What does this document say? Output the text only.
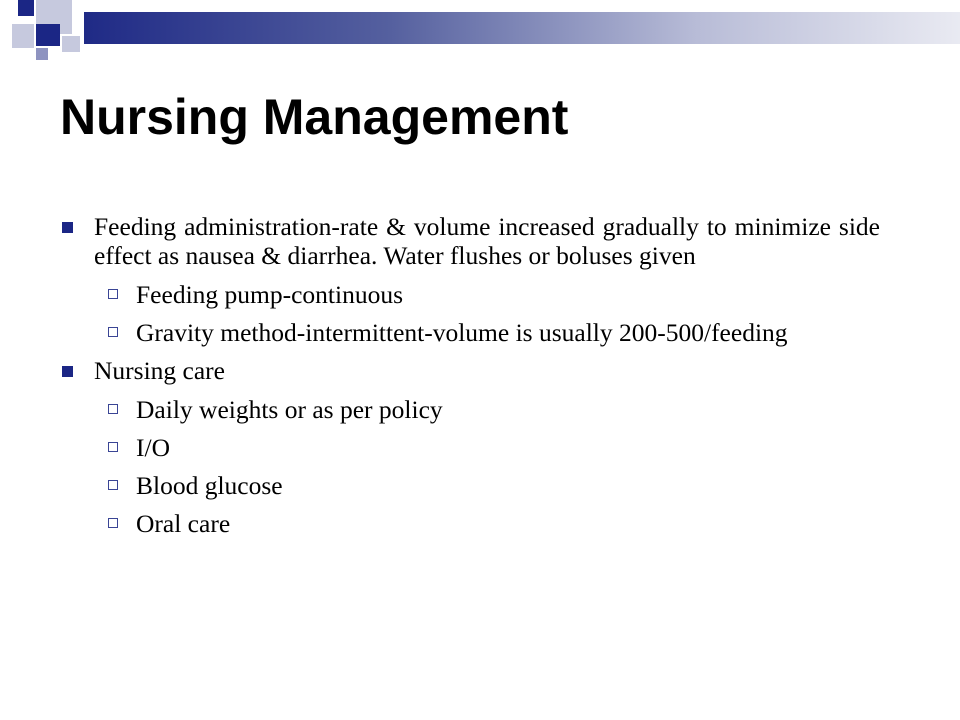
Nursing Management
Feeding administration-rate & volume increased gradually to minimize side effect as nausea & diarrhea. Water flushes or boluses given
Feeding pump-continuous
Gravity method-intermittent-volume is usually 200-500/feeding
Nursing care
Daily weights or as per policy
I/O
Blood glucose
Oral care
